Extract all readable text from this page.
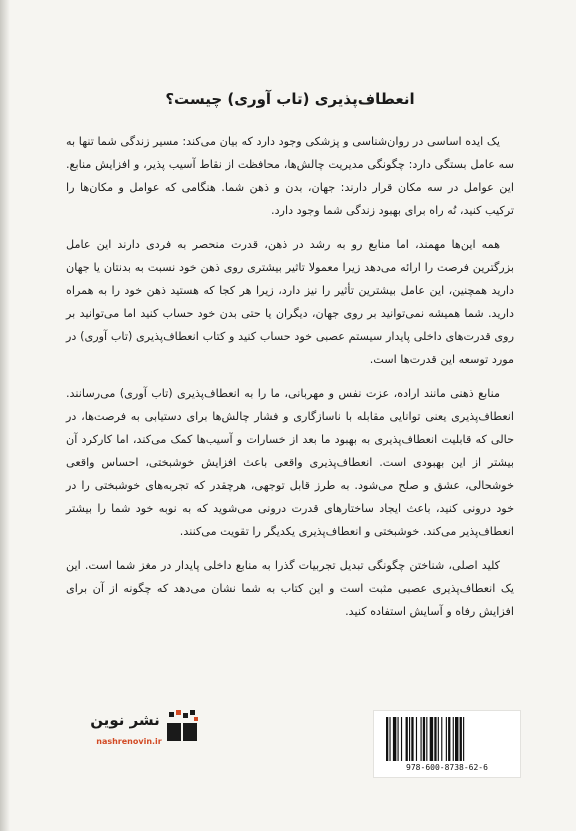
انعطاف‌پذیری (تاب آوری) چیست؟

یک ایده اساسی در روان‌شناسی و پزشکی وجود دارد که بیان می‌کند: مسیر زندگی شما تنها به سه عامل بستگی دارد: چگونگی مدیریت چالش‌ها، محافظت از نقاط آسیب پذیر، و افزایش منابع. این عوامل در سه مکان قرار دارند: جهان، بدن و ذهن شما. هنگامی که عوامل و مکان‌ها را ترکیب کنید، نُه راه برای بهبود زندگی شما وجود دارد.

همه این‌ها مهمند، اما منابع رو به رشد در ذهن، قدرت منحصر به فردی دارند این عامل بزرگترین فرصت را ارائه می‌دهد زیرا معمولا تاثیر بیشتری روی ذهن خود نسبت به بدنتان یا جهان دارید همچنین، این عامل بیشترین تأثیر را نیز دارد، زیرا هر کجا که هستید ذهن خود را به همراه دارید. شما همیشه نمی‌توانید بر روی جهان، دیگران یا حتی بدن خود حساب کنید اما می‌توانید بر روی قدرت‌های داخلی پایدار سیستم عصبی خود حساب کنید و کتاب انعطاف‌پذیری (تاب آوری) در مورد توسعه این قدرت‌ها است.

منابع ذهنی مانند اراده، عزت نفس و مهربانی، ما را به انعطاف‌پذیری (تاب آوری) می‌رسانند. انعطاف‌پذیری یعنی توانایی مقابله با ناسازگاری و فشار چالش‌ها برای دستیابی به فرصت‌ها، در حالی که قابلیت انعطاف‌پذیری به بهبود ما بعد از خسارات و آسیب‌ها کمک می‌کند، اما کارکرد آن بیشتر از این بهبودی است. انعطاف‌پذیری واقعی باعث افزایش خوشبختی، احساس واقعی خوشحالی، عشق و صلح می‌شود. به طرز قابل توجهی، هرچقدر که تجربه‌های خوشبختی را در خود درونی کنید، باعث ایجاد ساختارهای قدرت درونی می‌شوید که به نوبه خود شما را بیشتر انعطاف‌پذیر می‌کند. خوشبختی و انعطاف‌پذیری یکدیگر را تقویت می‌کنند.

کلید اصلی، شناختن چگونگی تبدیل تجربیات گذرا به منابع داخلی پایدار در مغز شما است. این یک انعطاف‌پذیری عصبی مثبت است و این کتاب به شما نشان می‌دهد که چگونه از آن برای افزایش رفاه و آسایش استفاده کنید.

نشر نوین
nashrenovin.ir
978-600-8738-62-6
